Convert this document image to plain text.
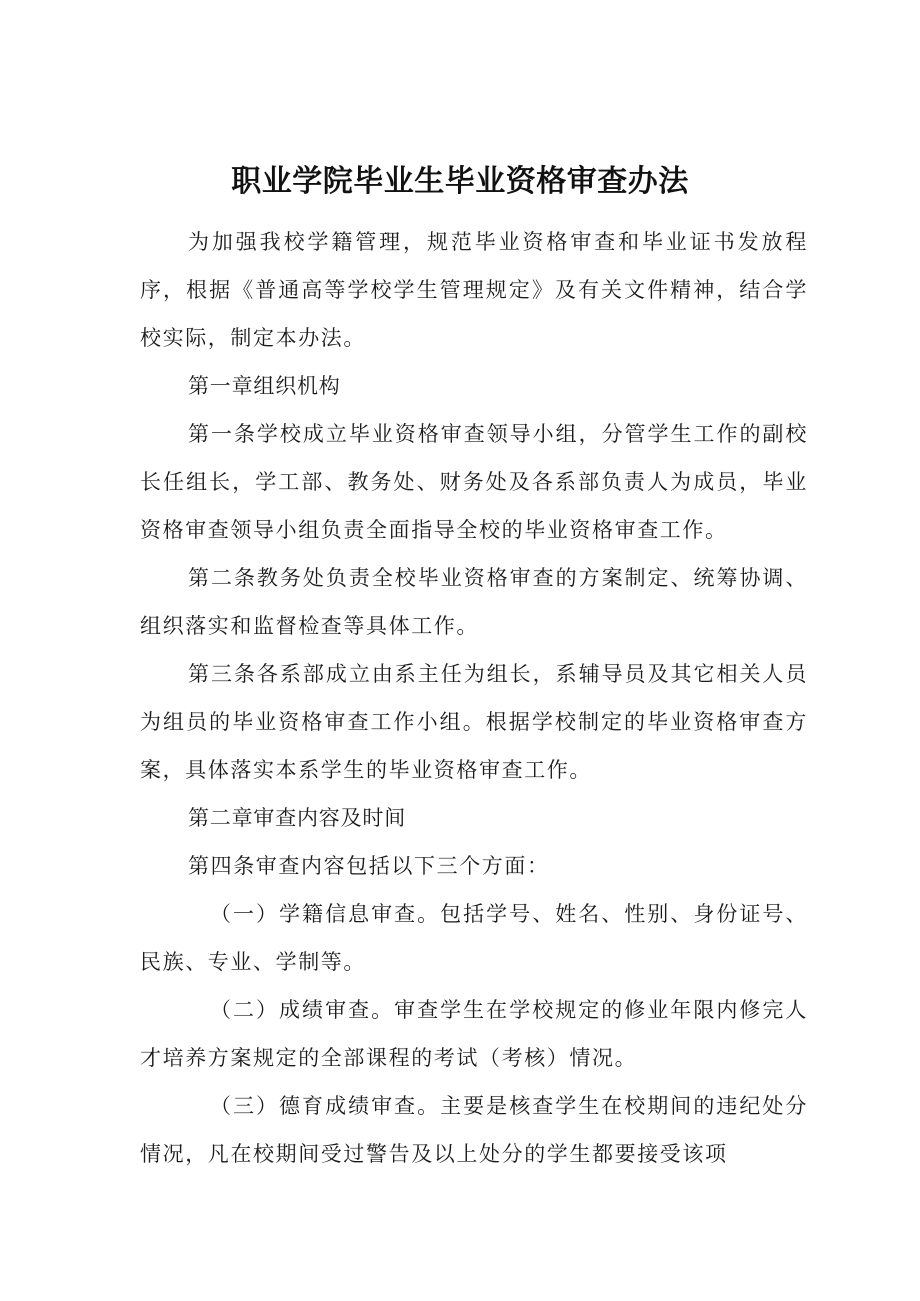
职业学院毕业生毕业资格审查办法

为加强我校学籍管理，规范毕业资格审查和毕业证书发放程序，根据《普通高等学校学生管理规定》及有关文件精神，结合学校实际，制定本办法。

第一章组织机构

第一条学校成立毕业资格审查领导小组，分管学生工作的副校长任组长，学工部、教务处、财务处及各系部负责人为成员，毕业资格审查领导小组负责全面指导全校的毕业资格审查工作。

第二条教务处负责全校毕业资格审查的方案制定、统筹协调、组织落实和监督检查等具体工作。

第三条各系部成立由系主任为组长，系辅导员及其它相关人员为组员的毕业资格审查工作小组。根据学校制定的毕业资格审查方案，具体落实本系学生的毕业资格审查工作。

第二章审查内容及时间

第四条审查内容包括以下三个方面：

（一）学籍信息审查。包括学号、姓名、性别、身份证号、民族、专业、学制等。

（二）成绩审查。审查学生在学校规定的修业年限内修完人才培养方案规定的全部课程的考试（考核）情况。

（三）德育成绩审查。主要是核查学生在校期间的违纪处分情况，凡在校期间受过警告及以上处分的学生都要接受该项
